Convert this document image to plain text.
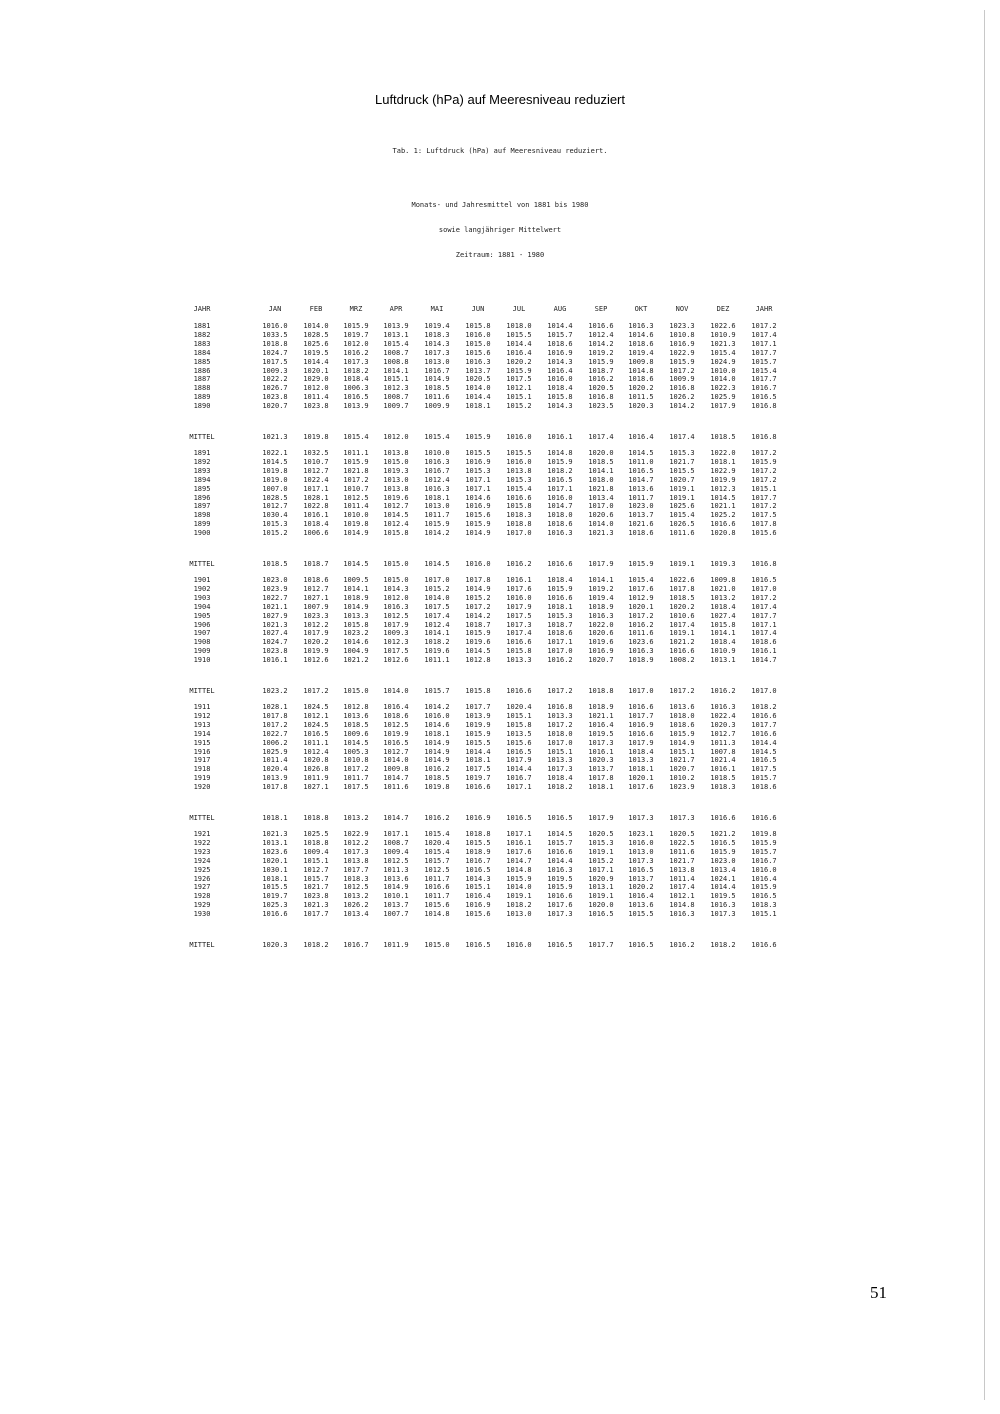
Luftdruck (hPa) auf Meeresniveau reduziert
Tab. 1: Luftdruck (hPa) auf Meeresniveau reduziert.
Monats- und Jahresmittel von 1881 bis 1980
sowie langjähriger Mittelwert
Zeitraum: 1881 - 1980
JAHR	JAN	FEB	MRZ	APR	MAI	JUN	JUL	AUG	SEP	OKT	NOV	DEZ	JAHR
1881	1016.0 1014.0 1015.9 1013.9 1019.4 1015.8 1018.0 1014.4 1016.6 1016.3 1023.3 1022.6 1017.2
1882	1033.5 1028.5 1019.7 1013.1 1018.3 1016.0 1015.5 1015.7 1012.4 1014.6 1010.8 1010.9 1017.4
1883	1018.8 1025.6 1012.0 1015.4 1014.3 1015.0 1014.4 1018.6 1014.2 1018.6 1016.9 1021.3 1017.1
1884	1024.7 1019.5 1016.2 1008.7 1017.3 1015.6 1016.4 1016.9 1019.2 1019.4 1022.9 1015.4 1017.7
1885	1017.5 1014.4 1017.3 1008.8 1013.0 1016.3 1020.2 1014.3 1015.9 1009.8 1015.9 1024.9 1015.7
1886	1009.3 1020.1 1018.2 1014.1 1016.7 1013.7 1015.9 1016.4 1018.7 1014.8 1017.2 1010.0 1015.4
1887	1022.2 1029.0 1018.4 1015.1 1014.9 1020.5 1017.5 1016.0 1016.2 1018.6 1009.9 1014.0 1017.7
1888	1026.7 1012.0 1006.3 1012.3 1018.5 1014.0 1012.1 1018.4 1020.5 1020.2 1016.8 1022.3 1016.7
1889	1023.8 1011.4 1016.5 1008.7 1011.6 1014.4 1015.1 1015.8 1016.8 1011.5 1026.2 1025.9 1016.5
1890	1020.7 1023.8 1013.9 1009.7 1009.9 1018.1 1015.2 1014.3 1023.5 1020.3 1014.2 1017.9 1016.8
MITTEL	1021.3 1019.8 1015.4 1012.0 1015.4 1015.9 1016.0 1016.1 1017.4 1016.4 1017.4 1018.5 1016.8
1891	1022.1 1032.5 1011.1 1013.8 1010.0 1015.5 1015.5 1014.8 1020.0 1014.5 1015.3 1022.0 1017.2
1892	1014.5 1010.7 1015.9 1015.0 1016.3 1016.9 1016.0 1015.9 1018.5 1011.0 1021.7 1018.1 1015.9
1893	1019.8 1012.7 1021.8 1019.3 1016.7 1015.3 1013.8 1018.2 1014.1 1016.5 1015.5 1022.9 1017.2
1894	1019.0 1022.4 1017.2 1013.0 1012.4 1017.1 1015.3 1016.5 1018.0 1014.7 1020.7 1019.9 1017.2
1895	1007.0 1017.1 1010.7 1013.8 1016.3 1017.1 1015.4 1017.1 1021.8 1013.6 1019.1 1012.3 1015.1
1896	1028.5 1028.1 1012.5 1019.6 1018.1 1014.6 1016.6 1016.0 1013.4 1011.7 1019.1 1014.5 1017.7
1897	1012.7 1022.8 1011.4 1012.7 1013.0 1016.9 1015.8 1014.7 1017.0 1023.0 1025.6 1021.1 1017.2
1898	1030.4 1016.1 1010.0 1014.5 1011.7 1015.6 1018.3 1018.0 1020.6 1013.7 1015.4 1025.2 1017.5
1899	1015.3 1018.4 1019.8 1012.4 1015.9 1015.9 1018.8 1018.6 1014.0 1021.6 1026.5 1016.6 1017.8
1900	1015.2 1006.6 1014.9 1015.8 1014.2 1014.9 1017.0 1016.3 1021.3 1018.6 1011.6 1020.8 1015.6
MITTEL	1018.5 1018.7 1014.5 1015.0 1014.5 1016.0 1016.2 1016.6 1017.9 1015.9 1019.1 1019.3 1016.8
1901	1023.0 1018.6 1009.5 1015.0 1017.0 1017.8 1016.1 1018.4 1014.1 1015.4 1022.6 1009.8 1016.5
1902	1023.9 1012.7 1014.1 1014.3 1015.2 1014.9 1017.6 1015.9 1019.2 1017.6 1017.8 1021.0 1017.0
1903	1022.7 1027.1 1018.9 1012.0 1014.0 1015.2 1016.0 1016.6 1019.4 1012.9 1018.5 1013.2 1017.2
1904	1021.1 1007.9 1014.9 1016.3 1017.5 1017.2 1017.9 1018.1 1018.9 1020.1 1020.2 1018.4 1017.4
1905	1027.9 1023.3 1013.3 1012.5 1017.4 1014.2 1017.5 1015.3 1016.3 1017.2 1010.6 1027.4 1017.7
1906	1021.3 1012.2 1015.8 1017.9 1012.4 1018.7 1017.3 1018.7 1022.0 1016.2 1017.4 1015.8 1017.1
1907	1027.4 1017.9 1023.2 1009.3 1014.1 1015.9 1017.4 1018.6 1020.6 1011.6 1019.1 1014.1 1017.4
1908	1024.7 1020.2 1014.6 1012.3 1018.2 1019.6 1016.6 1017.1 1019.6 1023.6 1021.2 1018.4 1018.6
1909	1023.8 1019.9 1004.9 1017.5 1019.6 1014.5 1015.8 1017.0 1016.9 1016.3 1016.6 1010.9 1016.1
1910	1016.1 1012.6 1021.2 1012.6 1011.1 1012.8 1013.3 1016.2 1020.7 1018.9 1008.2 1013.1 1014.7
MITTEL	1023.2 1017.2 1015.0 1014.0 1015.7 1015.8 1016.6 1017.2 1018.8 1017.0 1017.2 1016.2 1017.0
1911	1028.1 1024.5 1012.8 1016.4 1014.2 1017.7 1020.4 1016.8 1018.9 1016.6 1013.6 1016.3 1018.2
1912	1017.8 1012.1 1013.6 1018.6 1016.0 1013.9 1015.1 1013.3 1021.1 1017.7 1018.0 1022.4 1016.6
1913	1017.2 1024.5 1018.5 1012.5 1014.6 1019.9 1015.8 1017.2 1016.4 1016.9 1018.6 1020.3 1017.7
1914	1022.7 1016.5 1009.6 1019.9 1018.1 1015.9 1013.5 1018.0 1019.5 1016.6 1015.9 1012.7 1016.6
1915	1006.2 1011.1 1014.5 1016.5 1014.9 1015.5 1015.6 1017.0 1017.3 1017.9 1014.9 1011.3 1014.4
1916	1025.9 1012.4 1005.3 1012.7 1014.9 1014.4 1016.5 1015.1 1016.1 1018.4 1015.1 1007.8 1014.5
1917	1011.4 1020.8 1010.8 1014.0 1014.9 1018.1 1017.9 1013.3 1020.3 1013.3 1021.7 1021.4 1016.5
1918	1020.4 1026.8 1017.2 1009.8 1016.2 1017.5 1014.4 1017.3 1013.7 1018.1 1020.7 1016.1 1017.5
1919	1013.9 1011.9 1011.7 1014.7 1018.5 1019.7 1016.7 1018.4 1017.8 1020.1 1010.2 1018.5 1015.7
1920	1017.8 1027.1 1017.5 1011.6 1019.8 1016.6 1017.1 1018.2 1018.1 1017.6 1023.9 1018.3 1018.6
MITTEL	1018.1 1018.8 1013.2 1014.7 1016.2 1016.9 1016.5 1016.5 1017.9 1017.3 1017.3 1016.6 1016.6
1921	1021.3 1025.5 1022.9 1017.1 1015.4 1018.8 1017.1 1014.5 1020.5 1023.1 1020.5 1021.2 1019.8
1922	1013.1 1018.8 1012.2 1008.7 1020.4 1015.5 1016.1 1015.7 1015.3 1016.0 1022.5 1016.5 1015.9
1923	1023.6 1009.4 1017.3 1009.4 1015.4 1018.9 1017.6 1016.6 1019.1 1013.0 1011.6 1015.9 1015.7
1924	1020.1 1015.1 1013.8 1012.5 1015.7 1016.7 1014.7 1014.4 1015.2 1017.3 1021.7 1023.0 1016.7
1925	1030.1 1012.7 1017.7 1011.3 1012.5 1016.5 1014.8 1016.3 1017.1 1016.5 1013.8 1013.4 1016.0
1926	1018.1 1015.7 1018.3 1013.6 1011.7 1014.3 1015.9 1019.5 1020.9 1013.7 1011.4 1024.1 1016.4
1927	1015.5 1021.7 1012.5 1014.9 1016.6 1015.1 1014.0 1015.9 1013.1 1020.2 1017.4 1014.4 1015.9
1928	1019.7 1023.8 1013.2 1010.1 1011.7 1016.4 1019.1 1016.6 1019.1 1016.4 1012.1 1019.5 1016.5
1929	1025.3 1021.3 1026.2 1013.7 1015.6 1016.9 1018.2 1017.6 1020.0 1013.6 1014.8 1016.3 1018.3
1930	1016.6 1017.7 1013.4 1007.7 1014.8 1015.6 1013.0 1017.3 1016.5 1015.5 1016.3 1017.3 1015.1
MITTEL	1020.3 1018.2 1016.7 1011.9 1015.0 1016.5 1016.0 1016.5 1017.7 1016.5 1016.2 1018.2 1016.6
51
